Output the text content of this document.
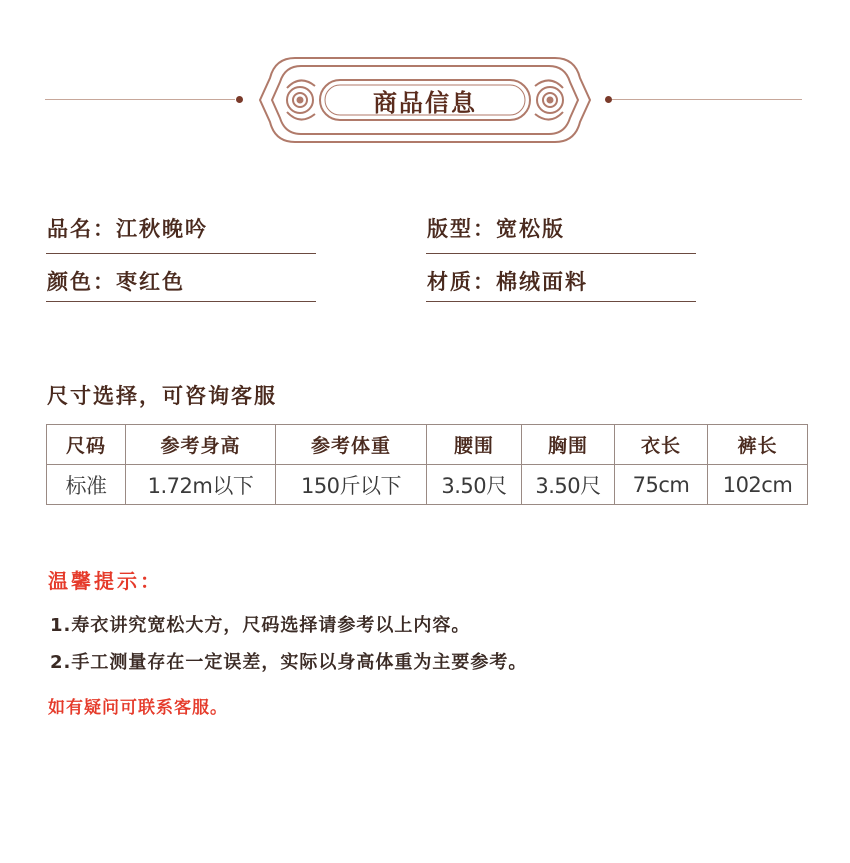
商品信息
品名：江秋晚吟	版型：宽松版
颜色：枣红色	材质：棉绒面料
尺寸选择，可咨询客服
尺码	参考身高	参考体重	腰围	胸围	衣长	裤长
标准	1.72m以下	150斤以下	3.50尺	3.50尺	75cm	102cm
温馨提示：
1.寿衣讲究宽松大方，尺码选择请参考以上内容。
2.手工测量存在一定误差，实际以身高体重为主要参考。
如有疑问可联系客服。
